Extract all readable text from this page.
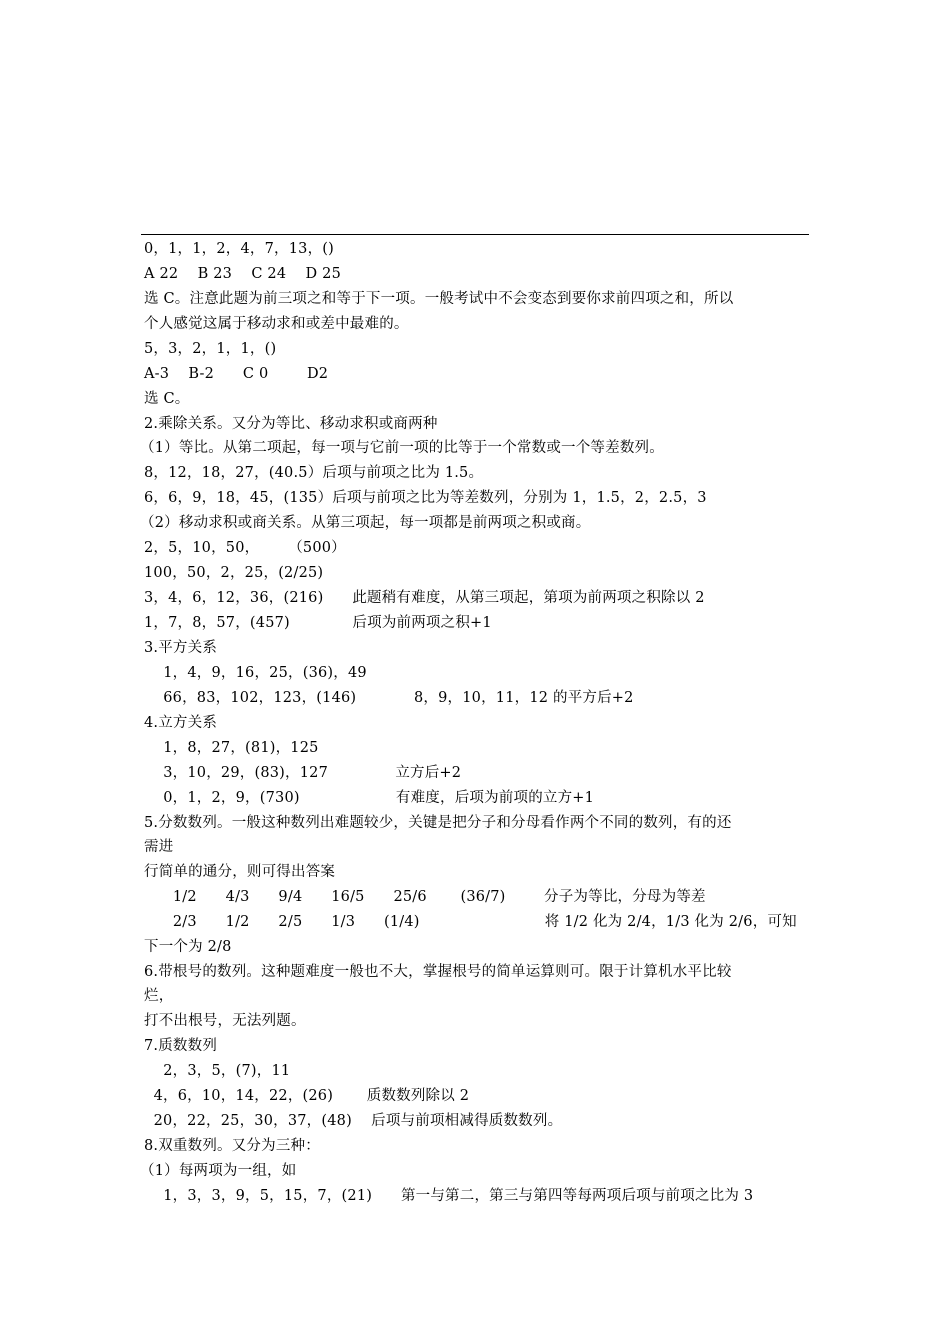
0，1，1，2，4，7，13，()
A 22    B 23    C 24    D 25
选 C。注意此题为前三项之和等于下一项。一般考试中不会变态到要你求前四项之和，所以
个人感觉这属于移动求和或差中最难的。
5，3，2，1，1，()
A-3    B-2      C 0        D2
选 C。
2.乘除关系。又分为等比、移动求积或商两种
（1）等比。从第二项起，每一项与它前一项的比等于一个常数或一个等差数列。
8，12，18，27，(40.5）后项与前项之比为 1.5。
6，6，9，18，45，(135）后项与前项之比为等差数列，分别为 1，1.5，2，2.5，3
（2）移动求积或商关系。从第三项起，每一项都是前两项之积或商。
2，5，10，50，      （500）
100，50，2，25，(2/25)
3，4，6，12，36，(216)      此题稍有难度，从第三项起，第项为前两项之积除以 2
1，7，8，57，(457)             后项为前两项之积+1
3.平方关系
1，4，9，16，25，(36)，49
66，83，102，123，(146)            8，9，10，11，12 的平方后+2
4.立方关系
1，8，27，(81)，125
3，10，29，(83)，127              立方后+2
0，1，2，9，(730)                    有难度，后项为前项的立方+1
5.分数数列。一般这种数列出难题较少，关键是把分子和分母看作两个不同的数列，有的还
需进
行简单的通分，则可得出答案
1/2      4/3      9/4      16/5      25/6       (36/7)        分子为等比，分母为等差
2/3      1/2      2/5      1/3      (1/4)                          将 1/2 化为 2/4，1/3 化为 2/6，可知
下一个为 2/8
6.带根号的数列。这种题难度一般也不大，掌握根号的简单运算则可。限于计算机水平比较
烂，
打不出根号，无法列题。
7.质数数列
2，3，5，(7)，11
4，6，10，14，22，(26)       质数数列除以 2
20，22，25，30，37，(48)    后项与前项相减得质数数列。
8.双重数列。又分为三种：
（1）每两项为一组，如
1，3，3，9，5，15，7，(21)      第一与第二，第三与第四等每两项后项与前项之比为 3
